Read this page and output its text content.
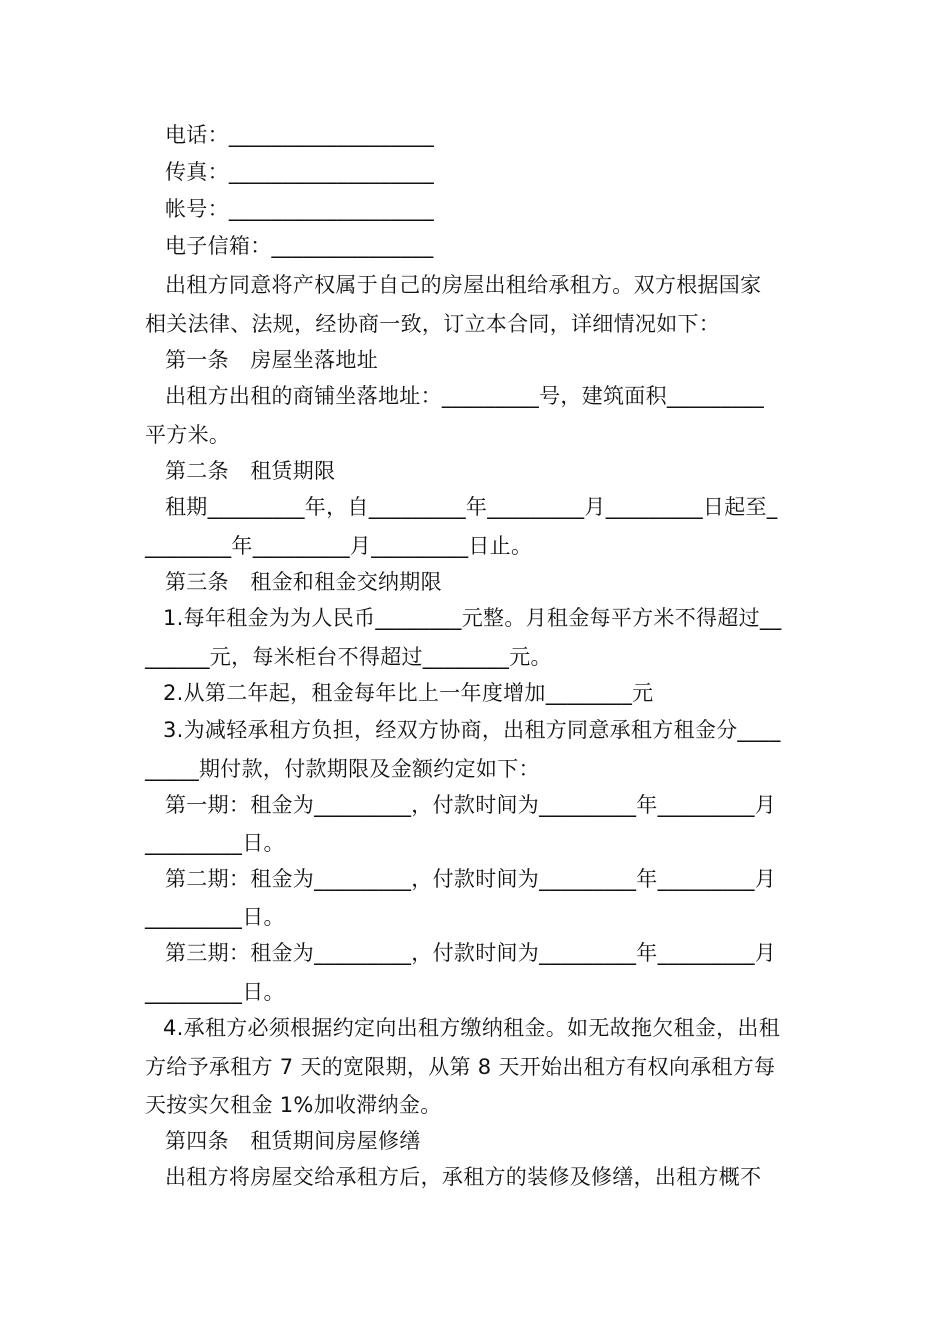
电话：___________________
传真：___________________
帐号：___________________
电子信箱：_______________
出租方同意将产权属于自己的房屋出租给承租方。双方根据国家
相关法律、法规，经协商一致，订立本合同，详细情况如下：
第一条　房屋坐落地址
出租方出租的商铺坐落地址：_________号，建筑面积_________
平方米。
第二条　租赁期限
租期_________年，自_________年_________月_________日起至_
________年_________月_________日止。
第三条　租金和租金交纳期限
1.每年租金为为人民币________元整。月租金每平方米不得超过__
______元，每米柜台不得超过________元。
2.从第二年起，租金每年比上一年度增加________元
3.为减轻承租方负担，经双方协商，出租方同意承租方租金分____
_____期付款，付款期限及金额约定如下：
第一期：租金为_________，付款时间为_________年_________月
_________日。
第二期：租金为_________，付款时间为_________年_________月
_________日。
第三期：租金为_________，付款时间为_________年_________月
_________日。
4.承租方必须根据约定向出租方缴纳租金。如无故拖欠租金，出租
方给予承租方 7 天的宽限期，从第 8 天开始出租方有权向承租方每
天按实欠租金 1%加收滞纳金。
第四条　租赁期间房屋修缮
出租方将房屋交给承租方后，承租方的装修及修缮，出租方概不
